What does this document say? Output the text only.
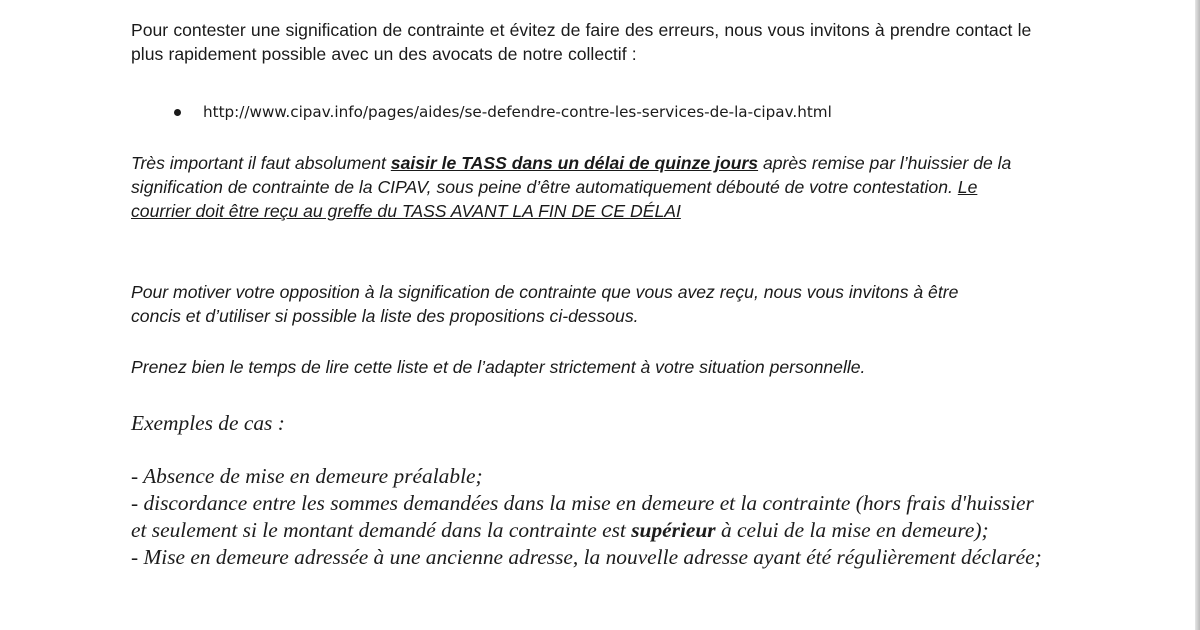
Pour contester une signification de contrainte et évitez de faire des erreurs, nous vous invitons à prendre contact le plus rapidement possible avec un des avocats de notre collectif :

http://www.cipav.info/pages/aides/se-defendre-contre-les-services-de-la-cipav.html

Très important il faut absolument saisir le TASS dans un délai de quinze jours après remise par l’huissier de la signification de contrainte de la CIPAV, sous peine d’être automatiquement débouté de votre contestation. Le courrier doit être reçu au greffe du TASS AVANT LA FIN DE CE DÉLAI

Pour motiver votre opposition à la signification de contrainte que vous avez reçu, nous vous invitons à être concis et d’utiliser si possible la liste des propositions ci-dessous.

Prenez bien le temps de lire cette liste et de l’adapter strictement à votre situation personnelle.

Exemples de cas :

- Absence de mise en demeure préalable;
- discordance entre les sommes demandées dans la mise en demeure et la contrainte (hors frais d'huissier et seulement si le montant demandé dans la contrainte est supérieur à celui de la mise en demeure);
- Mise en demeure adressée à une ancienne adresse, la nouvelle adresse ayant été régulièrement déclarée;
